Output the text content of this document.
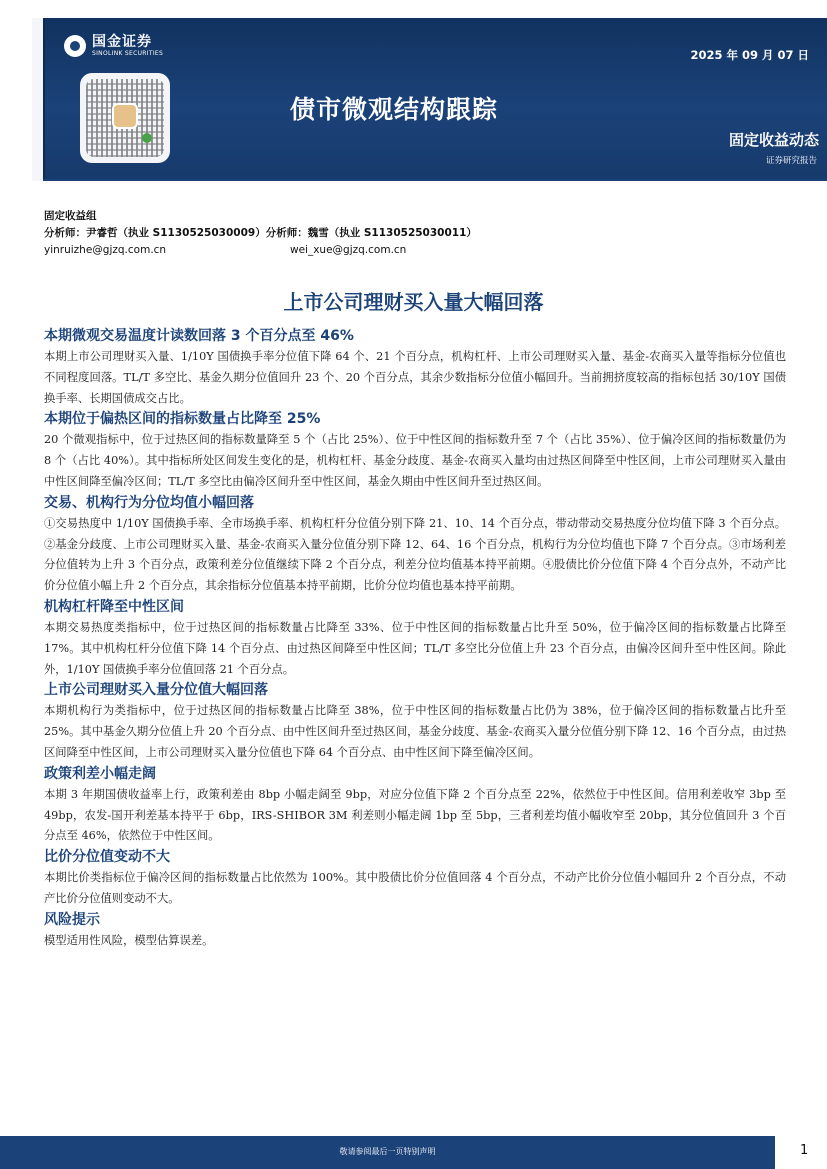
国金证券
SINOLINK SECURITIES
债市微观结构跟踪
2025 年 09 月 07 日
固定收益动态
证券研究报告
固定收益组
分析师：尹睿哲（执业 S1130525030009） 分析师：魏雪（执业 S1130525030011）
yinruizhe@gjzq.com.cn	wei_xue@gjzq.com.cn
上市公司理财买入量大幅回落
本期微观交易温度计读数回落 3 个百分点至 46%

本期上市公司理财买入量、1/10Y 国债换手率分位值下降 64 个、21 个百分点，机构杠杆、上市公司理财买入量、基金-农商买入量等指标分位值也不同程度回落。TL/T 多空比、基金久期分位值回升 23 个、20 个百分点，其余少数指标分位值小幅回升。当前拥挤度较高的指标包括 30/10Y 国债换手率、长期国债成交占比。

本期位于偏热区间的指标数量占比降至 25%

20 个微观指标中，位于过热区间的指标数量降至 5 个（占比 25%）、位于中性区间的指标数升至 7 个（占比 35%）、位于偏冷区间的指标数量仍为 8 个（占比 40%）。其中指标所处区间发生变化的是，机构杠杆、基金分歧度、基金-农商买入量均由过热区间降至中性区间，上市公司理财买入量由中性区间降至偏冷区间；TL/T 多空比由偏冷区间升至中性区间，基金久期由中性区间升至过热区间。

交易、机构行为分位均值小幅回落

①交易热度中 1/10Y 国债换手率、全市场换手率、机构杠杆分位值分别下降 21、10、14 个百分点，带动带动交易热度分位均值下降 3 个百分点。②基金分歧度、上市公司理财买入量、基金-农商买入量分位值分别下降 12、64、16 个百分点，机构行为分位均值也下降 7 个百分点。③市场利差分位值转为上升 3 个百分点，政策利差分位值继续下降 2 个百分点，利差分位均值基本持平前期。④股债比价分位值下降 4 个百分点外，不动产比价分位值小幅上升 2 个百分点，其余指标分位值基本持平前期，比价分位均值也基本持平前期。

机构杠杆降至中性区间

本期交易热度类指标中，位于过热区间的指标数量占比降至 33%、位于中性区间的指标数量占比升至 50%，位于偏冷区间的指标数量占比降至 17%。其中机构杠杆分位值下降 14 个百分点、由过热区间降至中性区间；TL/T 多空比分位值上升 23 个百分点，由偏冷区间升至中性区间。除此外，1/10Y 国债换手率分位值回落 21 个百分点。

上市公司理财买入量分位值大幅回落

本期机构行为类指标中，位于过热区间的指标数量占比降至 38%，位于中性区间的指标数量占比仍为 38%，位于偏冷区间的指标数量占比升至 25%。其中基金久期分位值上升 20 个百分点、由中性区间升至过热区间，基金分歧度、基金-农商买入量分位值分别下降 12、16 个百分点，由过热区间降至中性区间，上市公司理财买入量分位值也下降 64 个百分点、由中性区间下降至偏冷区间。

政策利差小幅走阔

本期 3 年期国债收益率上行，政策利差由 8bp 小幅走阔至 9bp，对应分位值下降 2 个百分点至 22%，依然位于中性区间。信用利差收窄 3bp 至 49bp，农发-国开利差基本持平于 6bp，IRS-SHIBOR 3M 利差则小幅走阔 1bp 至 5bp，三者利差均值小幅收窄至 20bp，其分位值回升 3 个百分点至 46%，依然位于中性区间。

比价分位值变动不大

本期比价类指标位于偏冷区间的指标数量占比依然为 100%。其中股债比价分位值回落 4 个百分点，不动产比价分位值小幅回升 2 个百分点，不动产比价分位值则变动不大。

风险提示

模型适用性风险，模型估算误差。

敬请参阅最后一页特别声明	1
